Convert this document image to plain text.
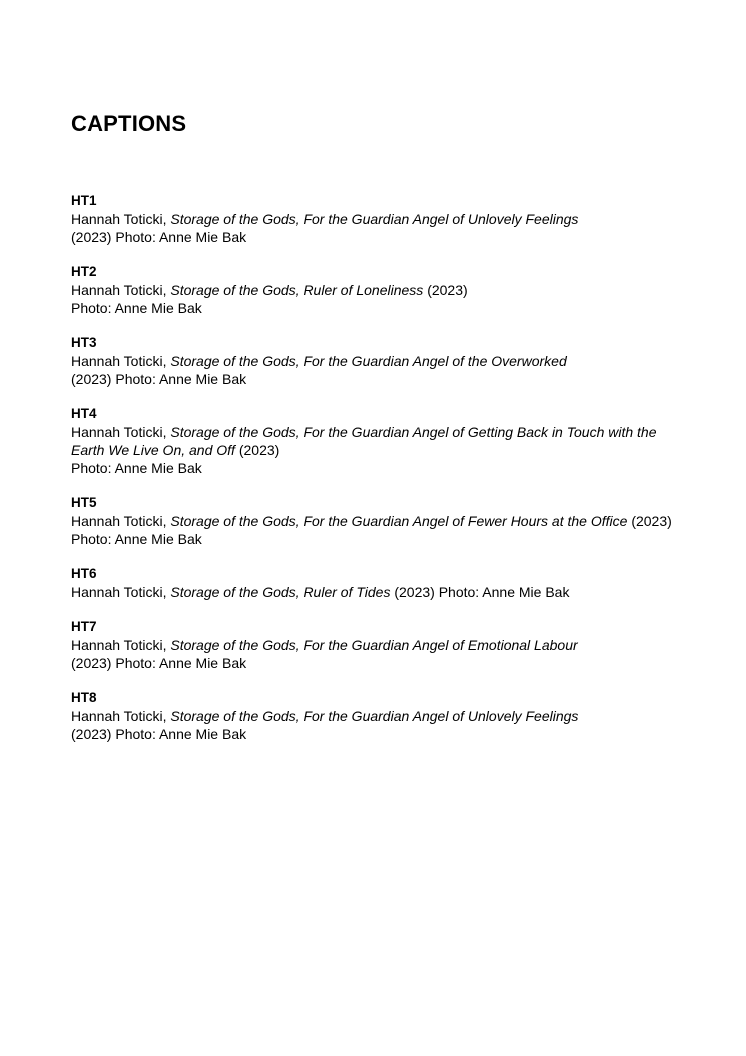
CAPTIONS
HT1
Hannah Toticki, Storage of the Gods, For the Guardian Angel of Unlovely Feelings
(2023) Photo: Anne Mie Bak
HT2
Hannah Toticki, Storage of the Gods, Ruler of Loneliness (2023)
Photo: Anne Mie Bak
HT3
Hannah Toticki, Storage of the Gods, For the Guardian Angel of the Overworked
(2023) Photo: Anne Mie Bak
HT4
Hannah Toticki, Storage of the Gods, For the Guardian Angel of Getting Back in Touch with the Earth We Live On, and Off (2023)
Photo: Anne Mie Bak
HT5
Hannah Toticki, Storage of the Gods, For the Guardian Angel of Fewer Hours at the Office (2023) Photo: Anne Mie Bak
HT6
Hannah Toticki, Storage of the Gods, Ruler of Tides (2023) Photo: Anne Mie Bak
HT7
Hannah Toticki, Storage of the Gods, For the Guardian Angel of Emotional Labour
(2023) Photo: Anne Mie Bak
HT8
Hannah Toticki, Storage of the Gods, For the Guardian Angel of Unlovely Feelings
(2023) Photo: Anne Mie Bak
